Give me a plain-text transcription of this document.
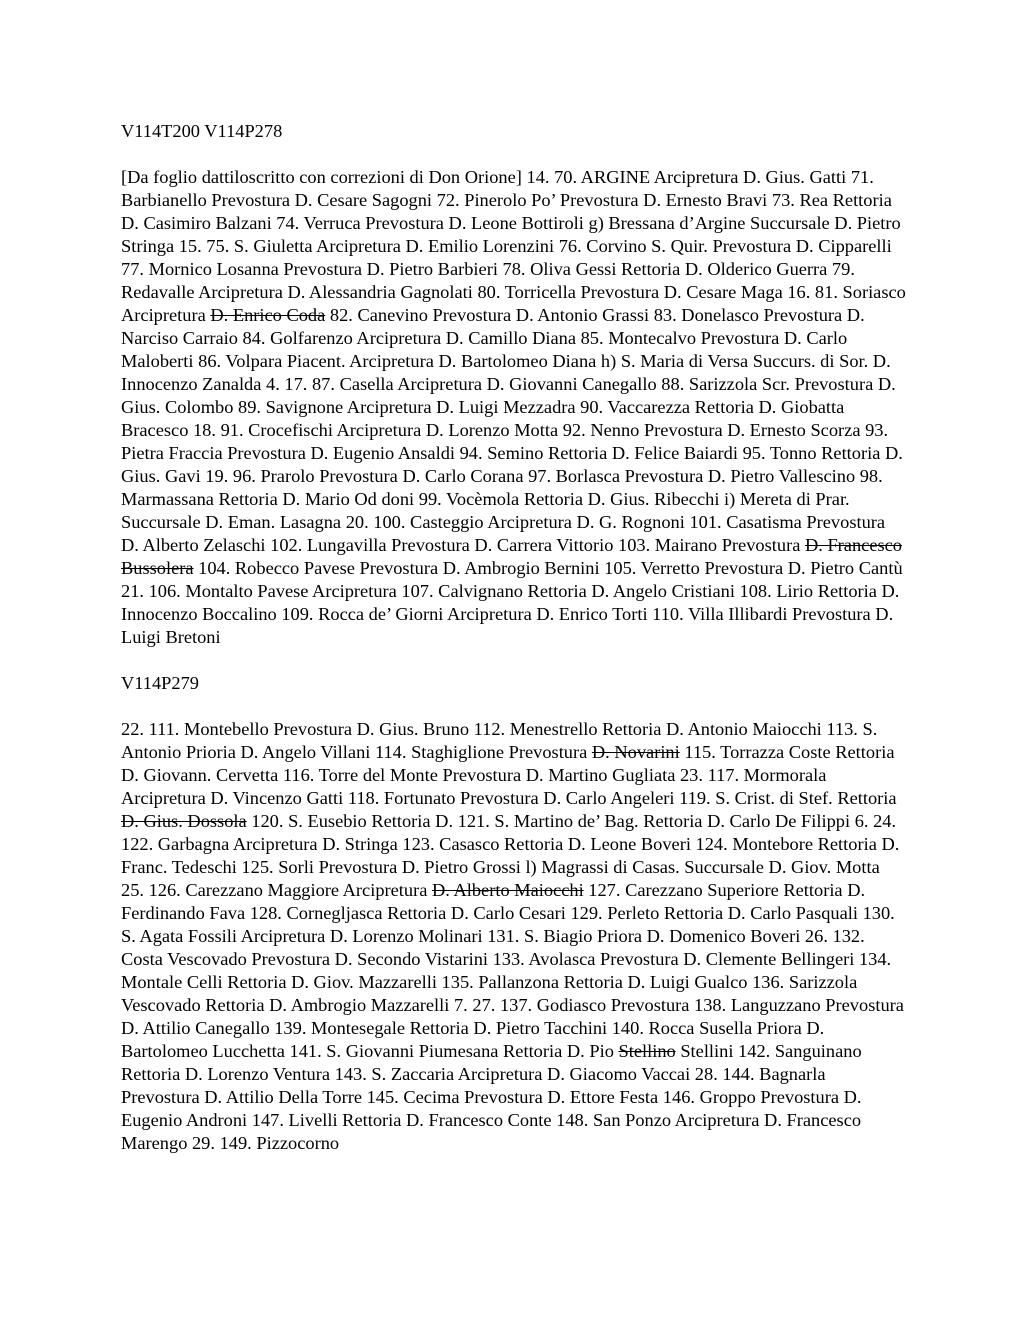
V114T200 V114P278

[Da foglio dattiloscritto con correzioni di Don Orione] 14. 70. ARGINE Arcipretura D. Gius. Gatti 71. Barbianello Prevostura D. Cesare Sagogni 72. Pinerolo Po’ Prevostura D. Ernesto Bravi 73. Rea Rettoria D. Casimiro Balzani 74. Verruca Prevostura D. Leone Bottiroli g) Bressana d’Argine Succursale D. Pietro Stringa 15. 75. S. Giuletta Arcipretura D. Emilio Lorenzini 76. Corvino S. Quir. Prevostura D. Cipparelli 77. Mornico Losanna Prevostura D. Pietro Barbieri 78. Oliva Gessi Rettoria D. Olderico Guerra 79. Redavalle Arcipretura D. Alessandria Gagnolati 80. Torricella Prevostura D. Cesare Maga 16. 81. Soriasco Arcipretura D. Enrico Coda 82. Canevino Prevostura D. Antonio Grassi 83. Donelasco Prevostura D. Narciso Carraio 84. Golfarenzo Arcipretura D. Camillo Diana 85. Montecalvo Prevostura D. Carlo Maloberti 86. Volpara Piacent. Arcipretura D. Bartolomeo Diana h) S. Maria di Versa Succurs. di Sor. D. Innocenzo Zanalda 4. 17. 87. Casella Arcipretura D. Giovanni Canegallo 88. Sarizzola Scr. Prevostura D. Gius. Colombo 89. Savignone Arcipretura D. Luigi Mezzadra 90. Vaccarezza Rettoria D. Giobatta Bracesco 18. 91. Crocefischi Arcipretura D. Lorenzo Motta 92. Nenno Prevostura D. Ernesto Scorza 93. Pietra Fraccia Prevostura D. Eugenio Ansaldi 94. Semino Rettoria D. Felice Baiardi 95. Tonno Rettoria D. Gius. Gavi 19. 96. Prarolo Prevostura D. Carlo Corana 97. Borlasca Prevostura D. Pietro Vallescino 98. Marmassana Rettoria D. Mario Od doni 99. Vocèmola Rettoria D. Gius. Ribecchi i) Mereta di Prar. Succursale D. Eman. Lasagna 20. 100. Casteggio Arcipretura D. G. Rognoni 101. Casatisma Prevostura D. Alberto Zelaschi 102. Lungavilla Prevostura D. Carrera Vittorio 103. Mairano Prevostura D. Francesco Bussolera 104. Robecco Pavese Prevostura D. Ambrogio Bernini 105. Verretto Prevostura D. Pietro Cantù 21. 106. Montalto Pavese Arcipretura 107. Calvignano Rettoria D. Angelo Cristiani 108. Lirio Rettoria D. Innocenzo Boccalino 109. Rocca de’ Giorni Arcipretura D. Enrico Torti 110. Villa Illibardi Prevostura D. Luigi Bretoni

V114P279

22. 111. Montebello Prevostura D. Gius. Bruno 112. Menestrello Rettoria D. Antonio Maiocchi 113. S. Antonio Prioria D. Angelo Villani 114. Staghiglione Prevostura D. Novarini 115. Torrazza Coste Rettoria D. Giovann. Cervetta 116. Torre del Monte Prevostura D. Martino Gugliata 23. 117. Mormorala Arcipretura D. Vincenzo Gatti 118. Fortunato Prevostura D. Carlo Angeleri 119. S. Crist. di Stef. Rettoria D. Gius. Dossola 120. S. Eusebio Rettoria D. 121. S. Martino de’ Bag. Rettoria D. Carlo De Filippi 6. 24. 122. Garbagna Arcipretura D. Stringa 123. Casasco Rettoria D. Leone Boveri 124. Montebore Rettoria D. Franc. Tedeschi 125. Sorli Prevostura D. Pietro Grossi l) Magrassi di Casas. Succursale D. Giov. Motta 25. 126. Carezzano Maggiore Arcipretura D. Alberto Maiocchi 127. Carezzano Superiore Rettoria D. Ferdinando Fava 128. Cornegljasca Rettoria D. Carlo Cesari 129. Perleto Rettoria D. Carlo Pasquali 130. S. Agata Fossili Arcipretura D. Lorenzo Molinari 131. S. Biagio Priora D. Domenico Boveri 26. 132. Costa Vescovado Prevostura D. Secondo Vistarini 133. Avolasca Prevostura D. Clemente Bellingeri 134. Montale Celli Rettoria D. Giov. Mazzarelli 135. Pallanzona Rettoria D. Luigi Gualco 136. Sarizzola Vescovado Rettoria D. Ambrogio Mazzarelli 7. 27. 137. Godiasco Prevostura 138. Languzzano Prevostura D. Attilio Canegallo 139. Montesegale Rettoria D. Pietro Tacchini 140. Rocca Susella Priora D. Bartolomeo Lucchetta 141. S. Giovanni Piumesana Rettoria D. Pio Stellino Stellini 142. Sanguinano Rettoria D. Lorenzo Ventura 143. S. Zaccaria Arcipretura D. Giacomo Vaccai 28. 144. Bagnarla Prevostura D. Attilio Della Torre 145. Cecima Prevostura D. Ettore Festa 146. Groppo Prevostura D. Eugenio Androni 147. Livelli Rettoria D. Francesco Conte 148. San Ponzo Arcipretura D. Francesco Marengo 29. 149. Pizzocorno
